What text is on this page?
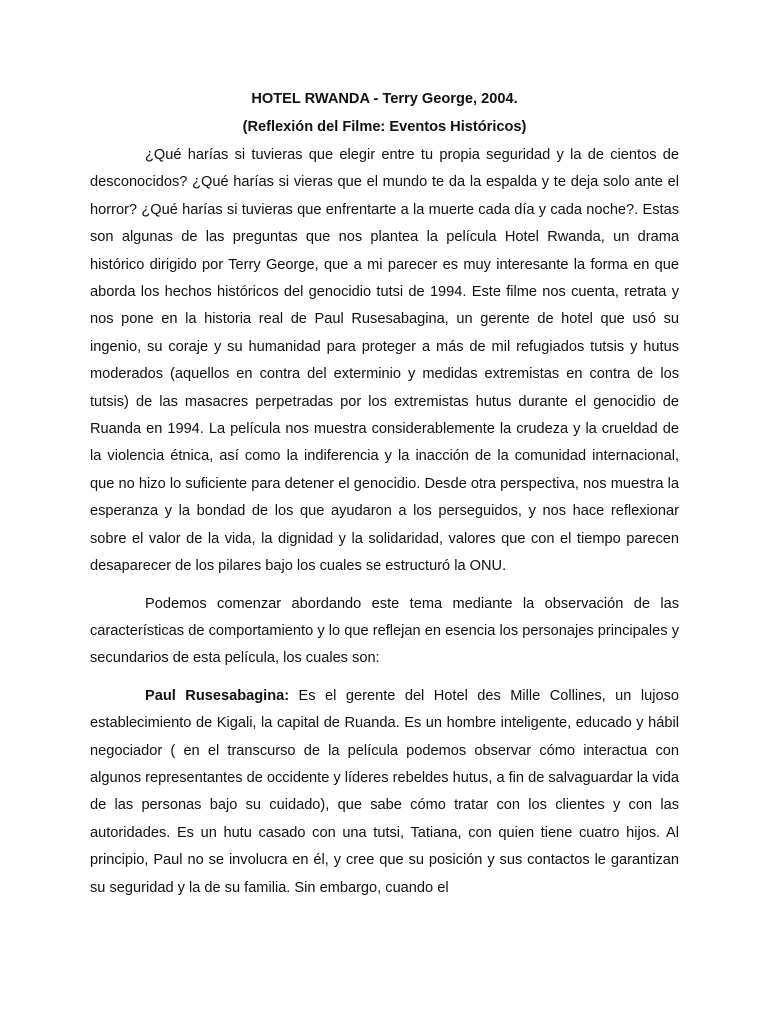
HOTEL RWANDA - Terry George, 2004.

(Reflexión del Filme: Eventos Históricos)

¿Qué harías si tuvieras que elegir entre tu propia seguridad y la de cientos de desconocidos? ¿Qué harías si vieras que el mundo te da la espalda y te deja solo ante el horror? ¿Qué harías si tuvieras que enfrentarte a la muerte cada día y cada noche?. Estas son algunas de las preguntas que nos plantea la película Hotel Rwanda, un drama histórico dirigido por Terry George, que a mi parecer es muy interesante la forma en que aborda los hechos históricos del genocidio tutsi de 1994. Este filme nos cuenta, retrata y nos pone en la historia real de Paul Rusesabagina, un gerente de hotel que usó su ingenio, su coraje y su humanidad para proteger a más de mil refugiados tutsis y hutus moderados (aquellos en contra del exterminio y medidas extremistas en contra de los tutsis) de las masacres perpetradas por los extremistas hutus durante el genocidio de Ruanda en 1994. La película nos muestra considerablemente la crudeza y la crueldad de la violencia étnica, así como la indiferencia y la inacción de la comunidad internacional, que no hizo lo suficiente para detener el genocidio. Desde otra perspectiva, nos muestra la esperanza y la bondad de los que ayudaron a los perseguidos, y nos hace reflexionar sobre el valor de la vida, la dignidad y la solidaridad, valores que con el tiempo parecen desaparecer de los pilares bajo los cuales se estructuró la ONU.

Podemos comenzar abordando este tema mediante la observación de las características de comportamiento y lo que reflejan en esencia los personajes principales y secundarios de esta película, los cuales son:

Paul Rusesabagina: Es el gerente del Hotel des Mille Collines, un lujoso establecimiento de Kigali, la capital de Ruanda. Es un hombre inteligente, educado y hábil negociador ( en el transcurso de la película podemos observar cómo interactua con algunos representantes de occidente y líderes rebeldes hutus, a fin de salvaguardar la vida de las personas bajo su cuidado), que sabe cómo tratar con los clientes y con las autoridades. Es un hutu casado con una tutsi, Tatiana, con quien tiene cuatro hijos. Al principio, Paul no se involucra en él, y cree que su posición y sus contactos le garantizan su seguridad y la de su familia. Sin embargo, cuando el
